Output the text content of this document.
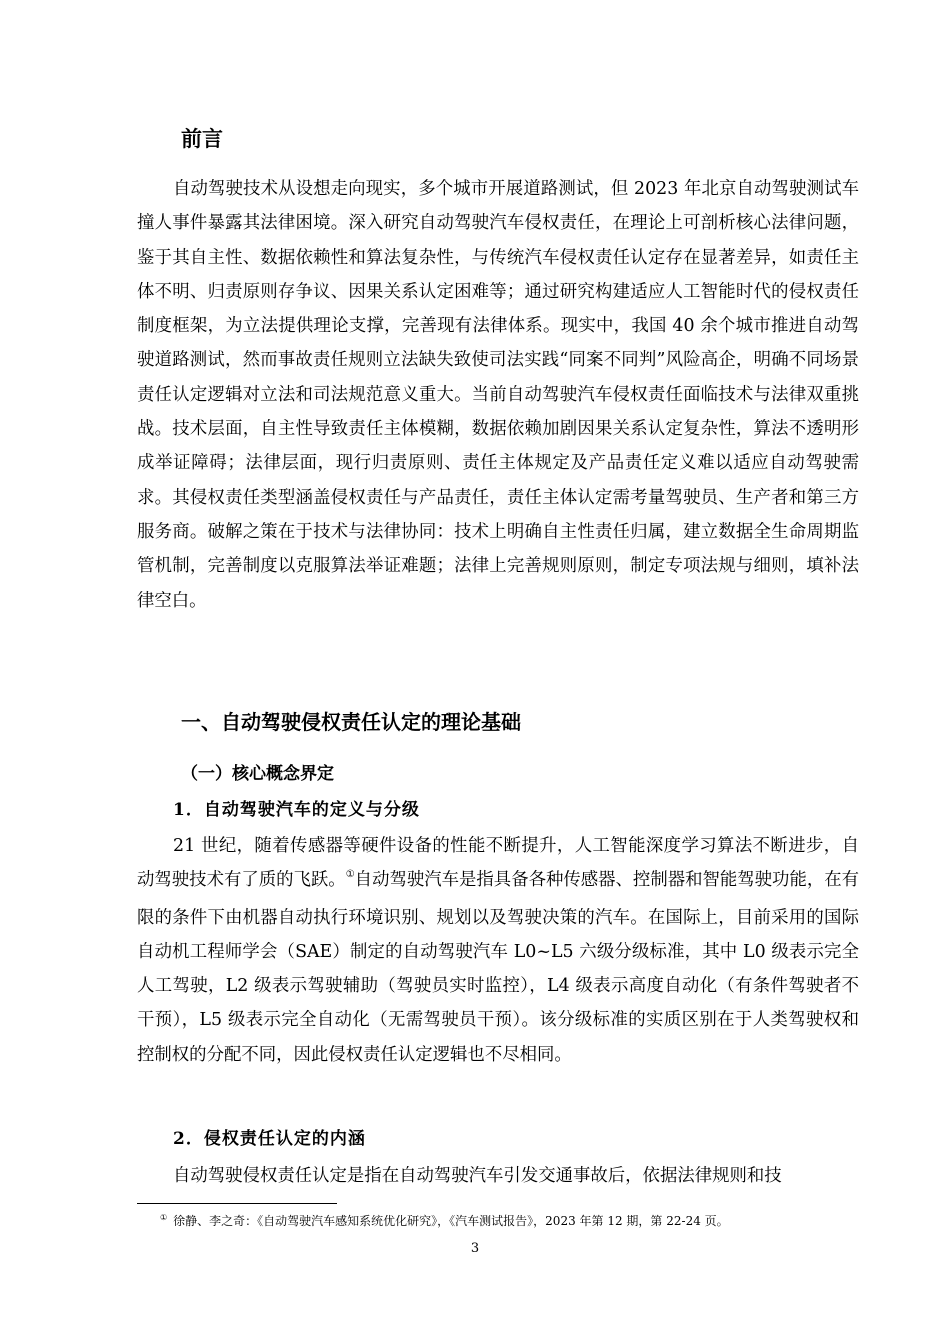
前言

自动驾驶技术从设想走向现实，多个城市开展道路测试，但 2023 年北京自动驾驶测试车撞人事件暴露其法律困境。深入研究自动驾驶汽车侵权责任，在理论上可剖析核心法律问题，鉴于其自主性、数据依赖性和算法复杂性，与传统汽车侵权责任认定存在显著差异，如责任主体不明、归责原则存争议、因果关系认定困难等；通过研究构建适应人工智能时代的侵权责任制度框架，为立法提供理论支撑，完善现有法律体系。现实中，我国 40 余个城市推进自动驾驶道路测试，然而事故责任规则立法缺失致使司法实践“同案不同判”风险高企，明确不同场景责任认定逻辑对立法和司法规范意义重大。当前自动驾驶汽车侵权责任面临技术与法律双重挑战。技术层面，自主性导致责任主体模糊，数据依赖加剧因果关系认定复杂性，算法不透明形成举证障碍；法律层面，现行归责原则、责任主体规定及产品责任定义难以适应自动驾驶需求。其侵权责任类型涵盖侵权责任与产品责任，责任主体认定需考量驾驶员、生产者和第三方服务商。破解之策在于技术与法律协同：技术上明确自主性责任归属，建立数据全生命周期监管机制，完善制度以克服算法举证难题；法律上完善规则原则，制定专项法规与细则，填补法律空白。

一、自动驾驶侵权责任认定的理论基础
（一）核心概念界定
1．自动驾驶汽车的定义与分级

21 世纪，随着传感器等硬件设备的性能不断提升，人工智能深度学习算法不断进步，自动驾驶技术有了质的飞跃。①自动驾驶汽车是指具备各种传感器、控制器和智能驾驶功能，在有限的条件下由机器自动执行环境识别、规划以及驾驶决策的汽车。在国际上，目前采用的国际自动机工程师学会（SAE）制定的自动驾驶汽车 L0~L5 六级分级标准，其中 L0 级表示完全人工驾驶，L2 级表示驾驶辅助（驾驶员实时监控），L4 级表示高度自动化（有条件驾驶者不干预），L5 级表示完全自动化（无需驾驶员干预）。该分级标准的实质区别在于人类驾驶权和控制权的分配不同，因此侵权责任认定逻辑也不尽相同。

2．侵权责任认定的内涵

自动驾驶侵权责任认定是指在自动驾驶汽车引发交通事故后，依据法律规则和技

① 徐静、李之奇：《自动驾驶汽车感知系统优化研究》，《汽车测试报告》，2023 年第 12 期，第 22-24 页。

3
